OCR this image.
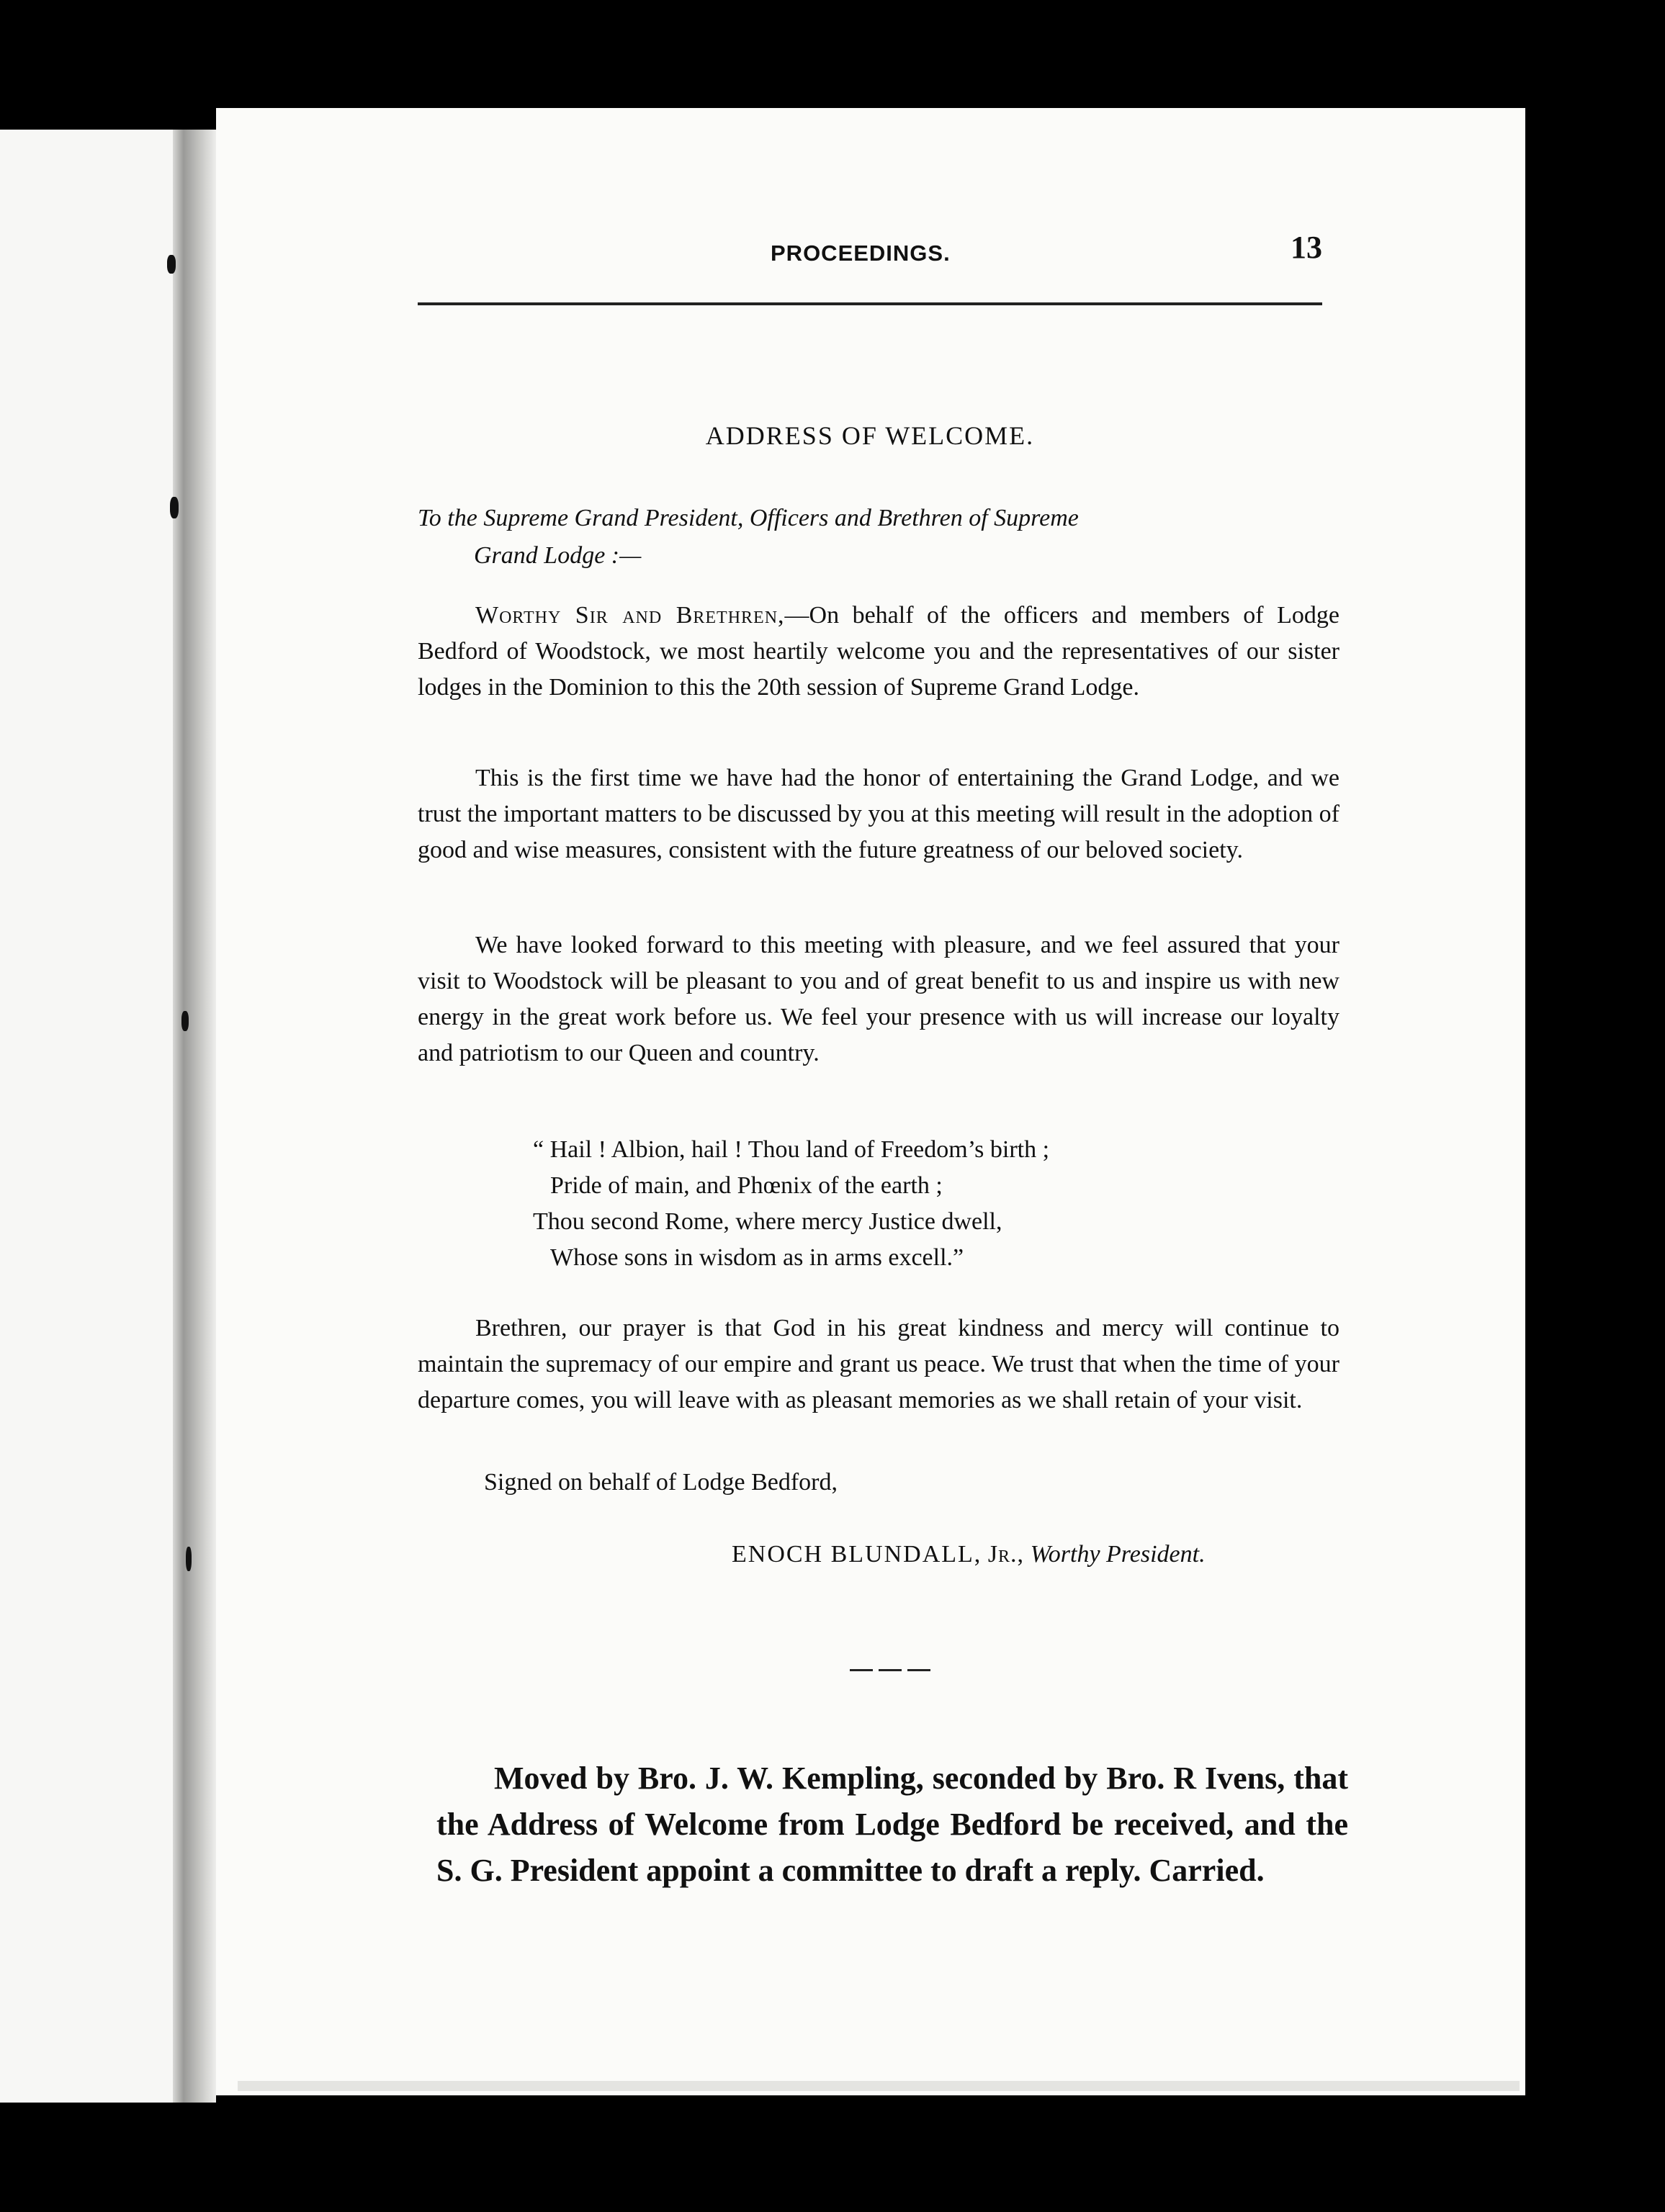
PROCEEDINGS.	13
ADDRESS OF WELCOME.
To the Supreme Grand President, Officers and Brethren of Supreme
Grand Lodge :—

Worthy Sir and Brethren,—On behalf of the officers and members of Lodge Bedford of Woodstock, we most heartily welcome you and the representatives of our sister lodges in the Dominion to this the 20th session of Supreme Grand Lodge.

This is the first time we have had the honor of entertaining the Grand Lodge, and we trust the important matters to be discussed by you at this meeting will result in the adoption of good and wise measures, consistent with the future greatness of our beloved society.

We have looked forward to this meeting with pleasure, and we feel assured that your visit to Woodstock will be pleasant to you and of great benefit to us and inspire us with new energy in the great work before us. We feel your presence with us will increase our loyalty and patriotism to our Queen and country.

“ Hail ! Albion, hail ! Thou land of Freedom’s birth ;
Pride of main, and Phœnix of the earth ;
Thou second Rome, where mercy Justice dwell,
Whose sons in wisdom as in arms excell.”

Brethren, our prayer is that God in his great kindness and mercy will continue to maintain the supremacy of our empire and grant us peace. We trust that when the time of your departure comes, you will leave with as pleasant memories as we shall retain of your visit.

Signed on behalf of Lodge Bedford,
ENOCH BLUNDALL, Jr., Worthy President.

Moved by Bro. J. W. Kempling, seconded by Bro. R Ivens, that the Address of Welcome from Lodge Bedford be received, and the S. G. President appoint a committee to draft a reply. Carried.
